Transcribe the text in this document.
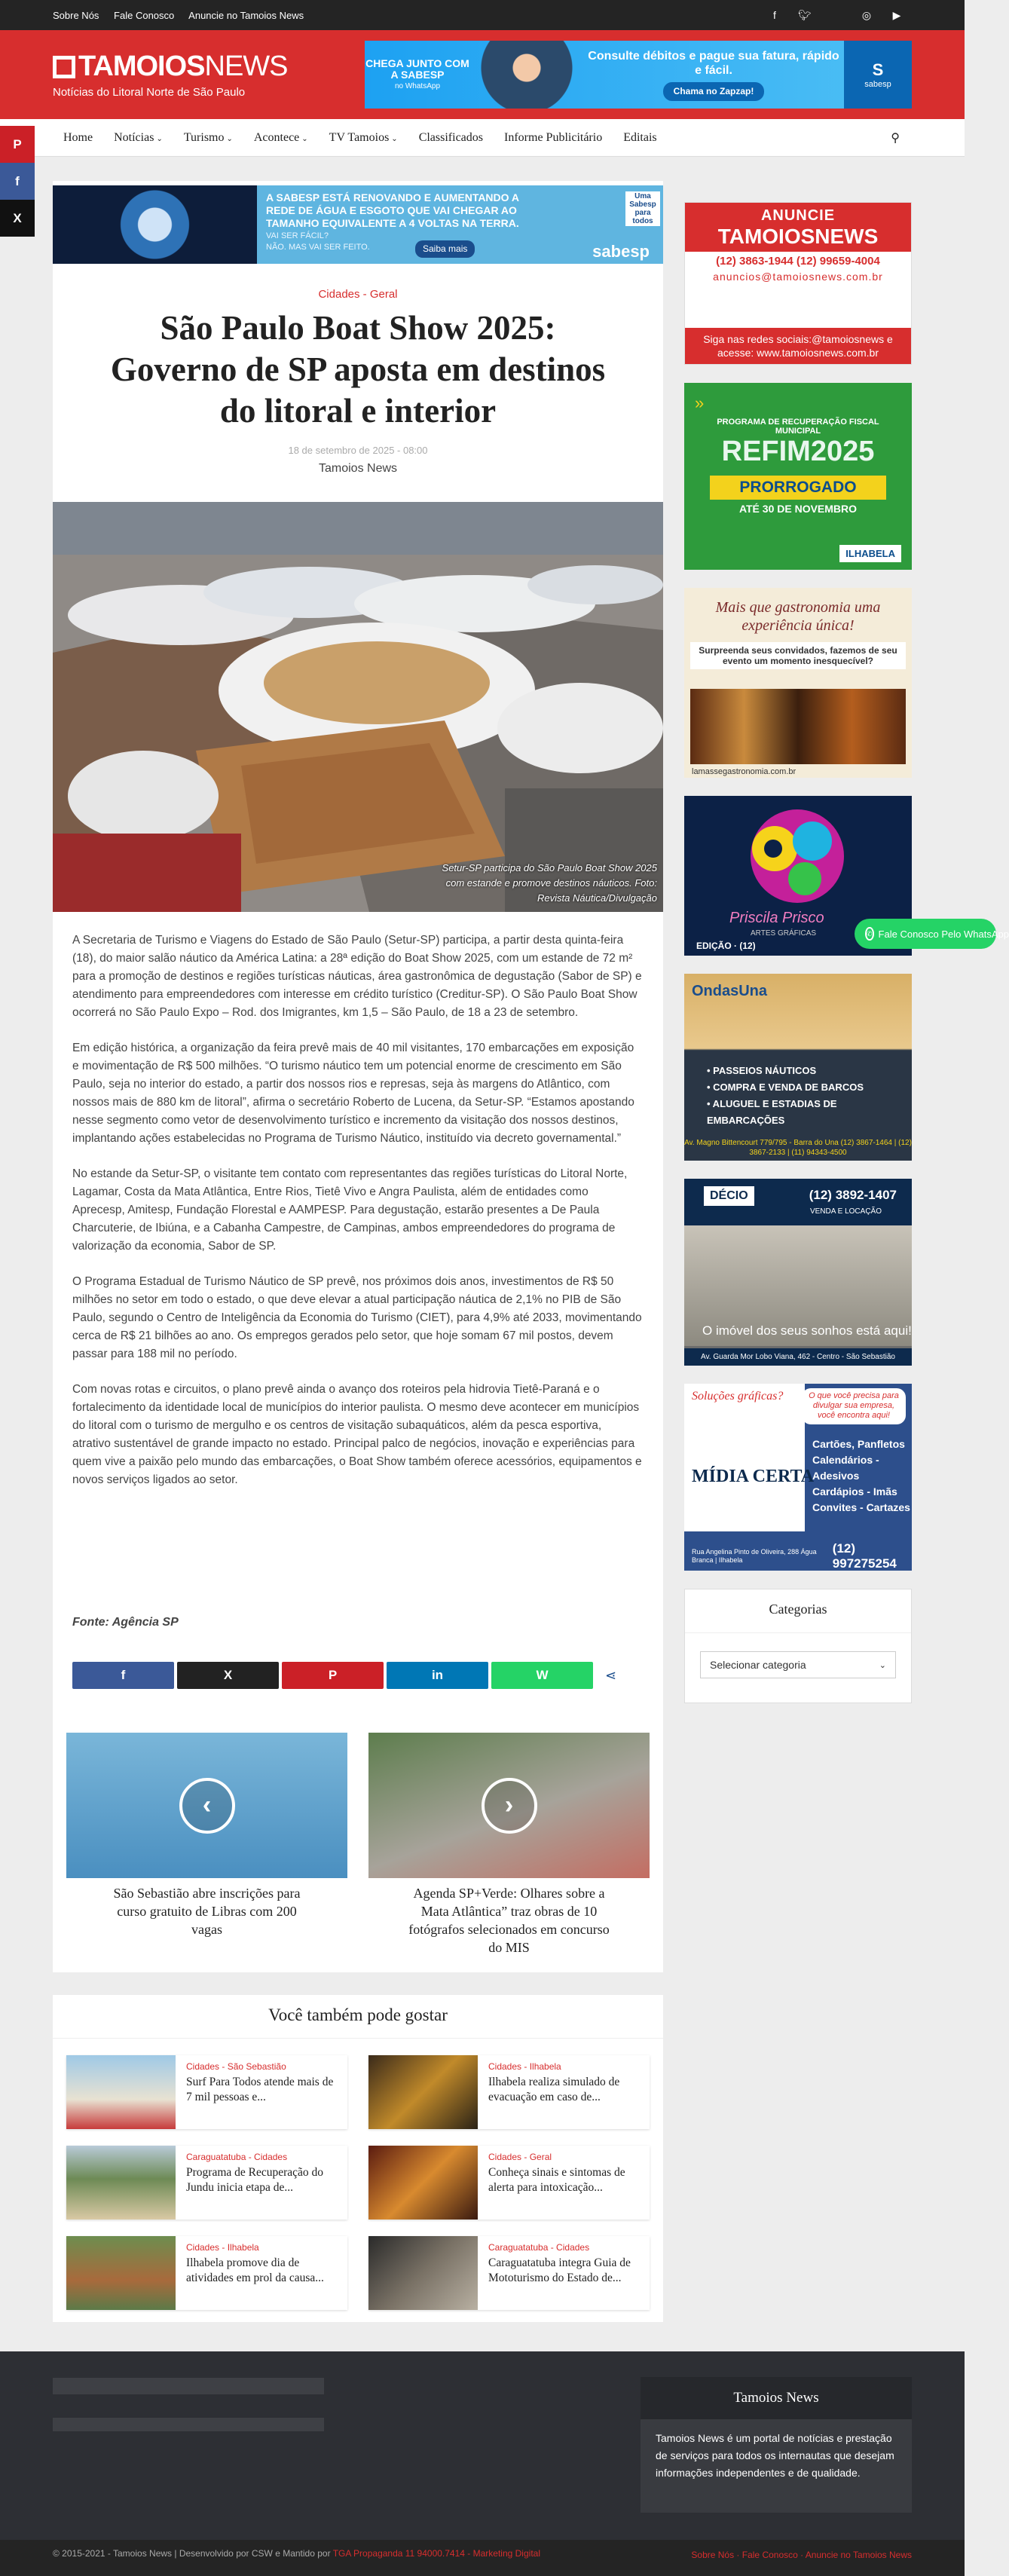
Sobre Nós Fale Conosco Anuncie no Tamoios News	f	🐦︎	◎	▶
TAMOIOS NEWS
Notícias do Litoral Norte de São Paulo
CHEGA JUNTO COM A SABESP
no WhatsApp
Consulte débitos e pague sua fatura, rápido e fácil.
Chama no Zapzap!
S
sabesp
Home	Notícias ⌄	Turismo ⌄	Acontece ⌄	TV Tamoios ⌄	Classificados	Informe Publicitário	Editais	⚲
P
f
X
A SABESP ESTÁ RENOVANDO E AUMENTANDO A REDE DE ÁGUA E ESGOTO QUE VAI CHEGAR AO TAMANHO EQUIVALENTE A 4 VOLTAS NA TERRA.
VAI SER FÁCIL?
NÃO. MAS VAI SER FEITO.	Saiba mais	sabesp
Uma Sabesp para todos
Cidades - Geral
São Paulo Boat Show 2025: Governo de SP aposta em destinos do litoral e interior
18 de setembro de 2025 - 08:00
Tamoios News
Setur-SP participa do São Paulo Boat Show 2025 com estande e promove destinos náuticos. Foto: Revista Náutica/Divulgação

A Secretaria de Turismo e Viagens do Estado de São Paulo (Setur-SP) participa, a partir desta quinta-feira (18), do maior salão náutico da América Latina: a 28ª edição do Boat Show 2025, com um estande de 72 m² para a promoção de destinos e regiões turísticas náuticas, área gastronômica de degustação (Sabor de SP) e atendimento para empreendedores com interesse em crédito turístico (Creditur-SP). O São Paulo Boat Show ocorrerá no São Paulo Expo – Rod. dos Imigrantes, km 1,5 – São Paulo, de 18 a 23 de setembro.

Em edição histórica, a organização da feira prevê mais de 40 mil visitantes, 170 embarcações em exposição e movimentação de R$ 500 milhões. “O turismo náutico tem um potencial enorme de crescimento em São Paulo, seja no interior do estado, a partir dos nossos rios e represas, seja às margens do Atlântico, com nossos mais de 880 km de litoral”, afirma o secretário Roberto de Lucena, da Setur-SP. “Estamos apostando nesse segmento como vetor de desenvolvimento turístico e incremento da visitação dos nossos destinos, implantando ações estabelecidas no Programa de Turismo Náutico, instituído via decreto governamental.”

No estande da Setur-SP, o visitante tem contato com representantes das regiões turísticas do Litoral Norte, Lagamar, Costa da Mata Atlântica, Entre Rios, Tietê Vivo e Angra Paulista, além de entidades como Aprecesp, Amitesp, Fundação Florestal e AAMPESP. Para degustação, estarão presentes a De Paula Charcuterie, de Ibiúna, e a Cabanha Campestre, de Campinas, ambos empreendedores do programa de valorização da economia, Sabor de SP.

O Programa Estadual de Turismo Náutico de SP prevê, nos próximos dois anos, investimentos de R$ 50 milhões no setor em todo o estado, o que deve elevar a atual participação náutica de 2,1% no PIB de São Paulo, segundo o Centro de Inteligência da Economia do Turismo (CIET), para 4,9% até 2033, movimentando cerca de R$ 21 bilhões ao ano. Os empregos gerados pelo setor, que hoje somam 67 mil postos, devem passar para 188 mil no período.

Com novas rotas e circuitos, o plano prevê ainda o avanço dos roteiros pela hidrovia Tietê-Paraná e o fortalecimento da identidade local de municípios do interior paulista. O mesmo deve acontecer em municípios do litoral com o turismo de mergulho e os centros de visitação subaquáticos, além da pesca esportiva, atrativo sustentável de grande impacto no estado. Principal palco de negócios, inovação e experiências para quem vive a paixão pelo mundo das embarcações, o Boat Show também oferece acessórios, equipamentos e novos serviços ligados ao setor.

Fonte: Agência SP
f	X	P	in	W	⋖
‹
São Sebastião abre inscrições para curso gratuito de Libras com 200 vagas
›
Agenda SP+Verde: Olhares sobre a Mata Atlântica” traz obras de 10 fotógrafos selecionados em concurso do MIS
Você também pode gostar
Cidades - São Sebastião
Surf Para Todos atende mais de 7 mil pessoas e...
Cidades - Ilhabela
Ilhabela realiza simulado de evacuação em caso de...
Caraguatatuba - Cidades
Programa de Recuperação do Jundu inicia etapa de...
Cidades - Geral
Conheça sinais e sintomas de alerta para intoxicação...
Cidades - Ilhabela
Ilhabela promove dia de atividades em prol da causa...
Caraguatatuba - Cidades
Caraguatatuba integra Guia de Mototurismo do Estado de...
ANUNCIE
TAMOIOSNEWS
(12) 3863-1944 (12) 99659-4004
anuncios@tamoiosnews.com.br
Siga nas redes sociais:@tamoiosnews e acesse: www.tamoiosnews.com.br
»
PROGRAMA DE RECUPERAÇÃO FISCAL MUNICIPAL
REFIM2025
PRORROGADO
ATÉ 30 DE NOVEMBRO
ILHABELA
Mais que gastronomia uma experiência única!
Surpreenda seus convidados, fazemos de seu evento um momento inesquecível?
lamassegastronomia.com.br
Priscila Prisco
ARTES GRÁFICAS
EDIÇÃO · (12)
OndasUna
• PASSEIOS NÁUTICOS
• COMPRA E VENDA DE BARCOS
• ALUGUEL E ESTADIAS DE EMBARCAÇÕES
Av. Magno Bittencourt 779/795 - Barra do Una (12) 3867-1464 | (12) 3867-2133 | (11) 94343-4500
DÉCIO	(12) 3892-1407
VENDA E LOCAÇÃO
O imóvel dos seus sonhos está aqui!
Av. Guarda Mor Lobo Viana, 462 - Centro - São Sebastião
Soluções gráficas?	O que você precisa para divulgar sua empresa, você encontra aqui!
MÍDIA CERTA
Cartões, Panfletos
Calendários - Adesivos
Cardápios - Imãs
Convites - Cartazes
Rua Angelina Pinto de Oliveira, 288 Água Branca | Ilhabela
(12) 997275254
Categorias
Selecionar categoria	⌄
✆ Fale Conosco Pelo WhatsApp
Tamoios News

Tamoios News é um portal de notícias e prestação de serviços para todos os internautas que desejam informações independentes e de qualidade.

© 2015-2021 - Tamoios News | Desenvolvido por CSW e Mantido por TGA Propaganda 11 94000.7414 - Marketing Digital	Sobre Nós · Fale Conosco · Anuncie no Tamoios News
